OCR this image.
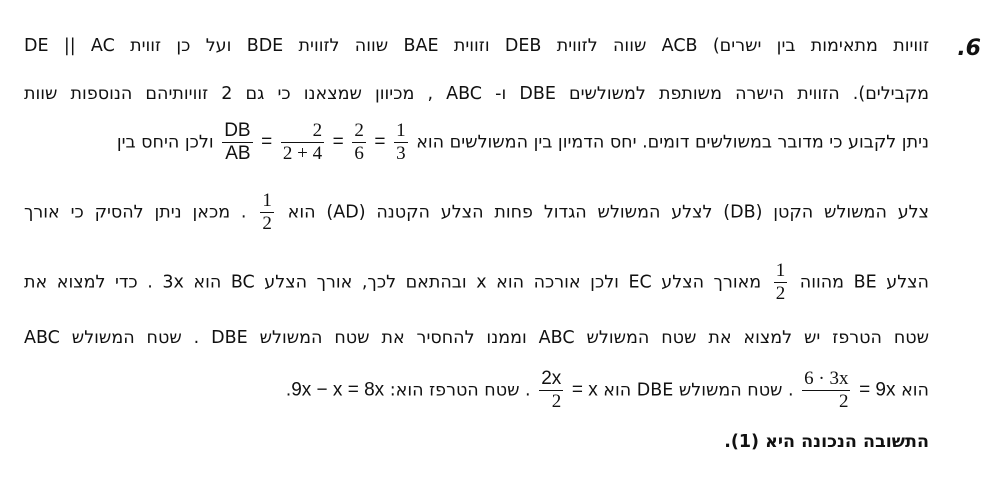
.6
DE || AC ועל כן זווית BDE שווה לזווית BAE וזווית DEB שווה לזווית ACB (זוויות מתאימות בין ישרים
מקבילים). הזווית הישרה משותפת למשולשים DBE ו- ABC , מכיוון שמצאנו כי גם 2 זוויותיהם הנוספות שוות
ניתן לקבוע כי מדובר במשולשים דומים. יחס הדמיון בין המשולשים הוא
$\frac{DB}{AB} = \frac{2}{2 + 4} = \frac{2}{6} = \frac{1}{3}$
ולכן היחס בין
צלע המשולש הקטן (DB) לצלע המשולש הגדול פחות הצלע הקטנה (AD) הוא
$\frac{1}{2}$
. מכאן ניתן להסיק כי אורך
הצלע BE מהווה
$\frac{1}{2}$
מאורך הצלע EC ולכן אורכה הוא x ובהתאם לכך, אורך הצלע BC הוא 3x . כדי למצוא את
שטח הטרפז יש למצוא את שטח המשולש ABC וממנו להחסיר את שטח המשולש DBE . שטח המשולש ABC
הוא
$\frac{6 \cdot 3x}{2} = 9x$ . שטח המשולש DBE הוא
$\frac{2x}{2} = x$ . שטח הטרפז הוא: .9x − x = 8x
התשובה הנכונה היא (1).
